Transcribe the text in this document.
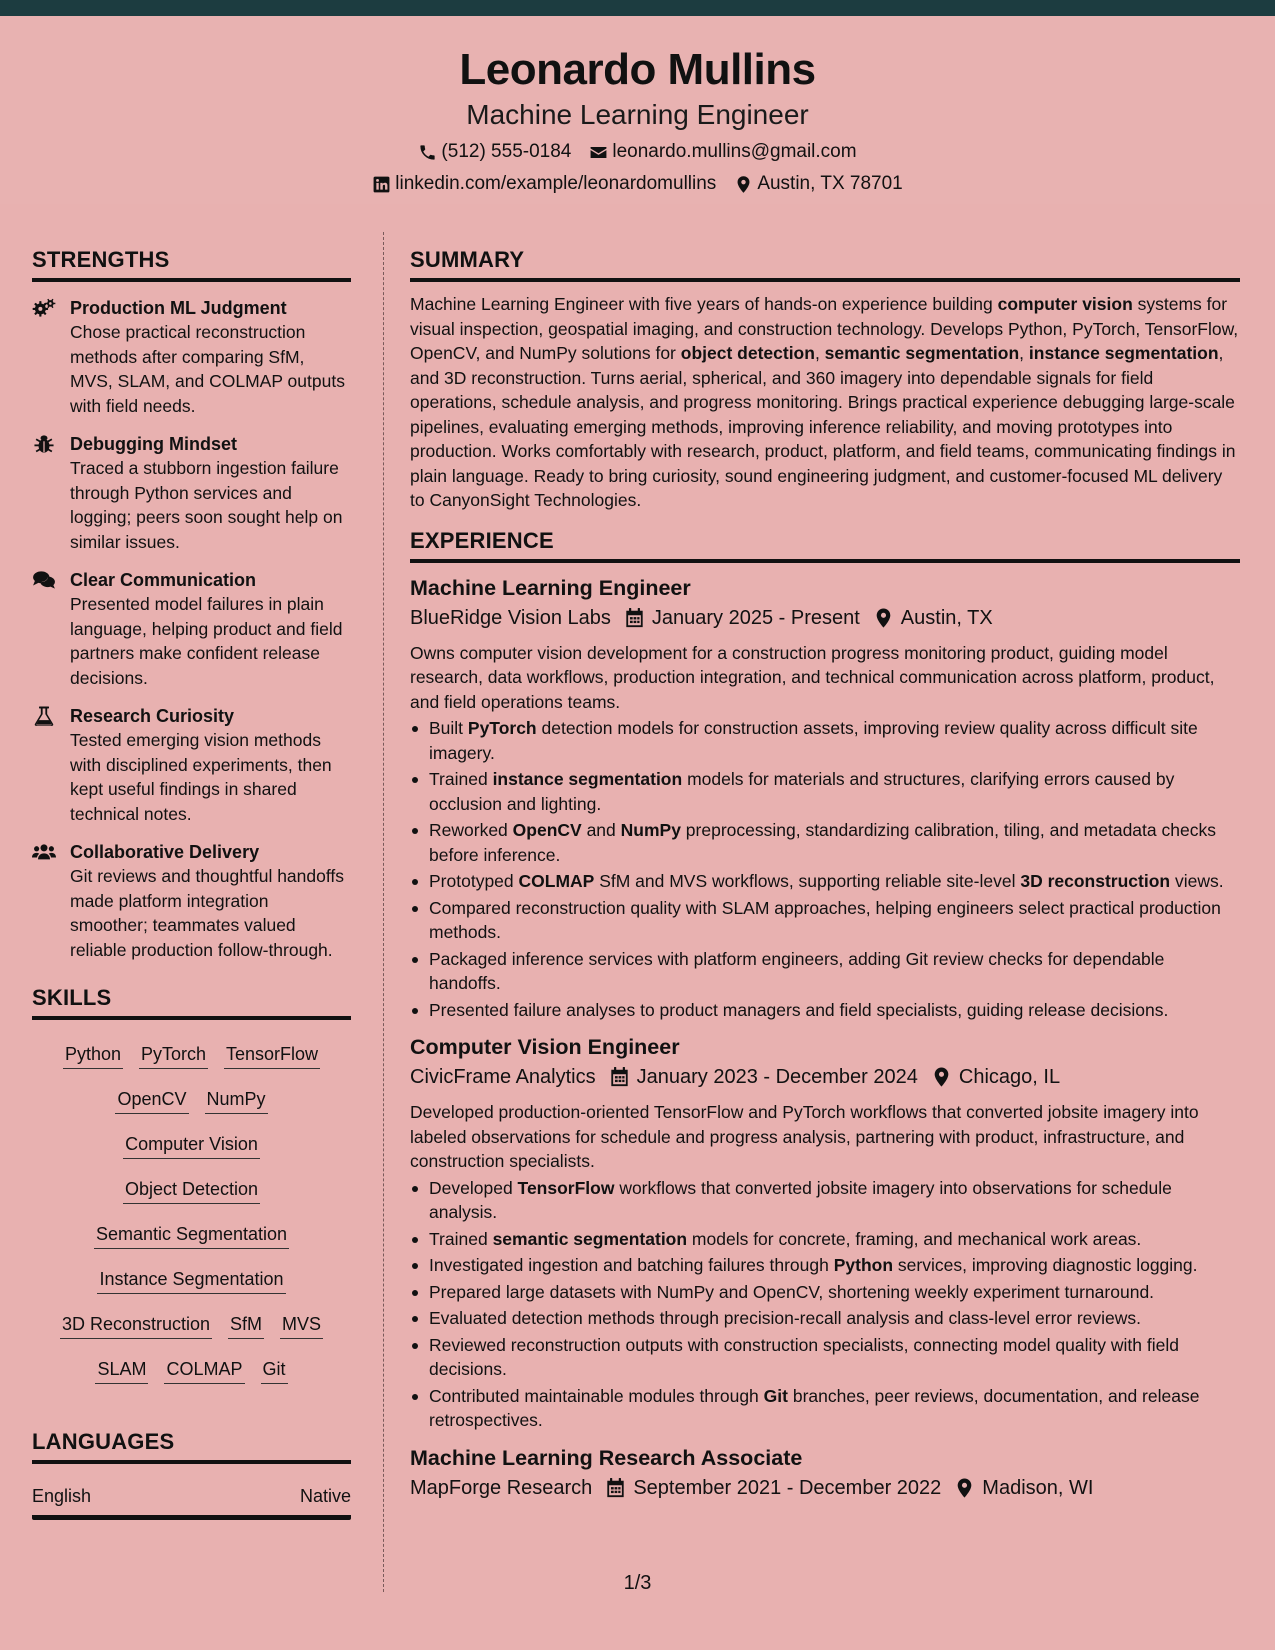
Leonardo Mullins
Machine Learning Engineer
(512) 555-0184 leonardo.mullins@gmail.com
linkedin.com/example/leonardomullins Austin, TX 78701
STRENGTHS
Production ML Judgment
Chose practical reconstruction methods after comparing SfM, MVS, SLAM, and COLMAP outputs with field needs.
Debugging Mindset
Traced a stubborn ingestion failure through Python services and logging; peers soon sought help on similar issues.
Clear Communication
Presented model failures in plain language, helping product and field partners make confident release decisions.
Research Curiosity
Tested emerging vision methods with disciplined experiments, then kept useful findings in shared technical notes.
Collaborative Delivery
Git reviews and thoughtful handoffs made platform integration smoother; teammates valued reliable production follow-through.
SKILLS
Python PyTorch TensorFlow
OpenCV NumPyComputer Vision
Object Detection
Semantic Segmentation
Instance Segmentation
3D Reconstruction SfM MVS
SLAM COLMAP Git
LANGUAGES
English	Native
SUMMARY
Machine Learning Engineer with five years of hands-on experience building computer vision systems for visual inspection, geospatial imaging, and construction technology. Develops Python, PyTorch, TensorFlow, OpenCV, and NumPy solutions for object detection, semantic segmentation, instance segmentation, and 3D reconstruction. Turns aerial, spherical, and 360 imagery into dependable signals for field operations, schedule analysis, and progress monitoring. Brings practical experience debugging large-scale pipelines, evaluating emerging methods, improving inference reliability, and moving prototypes into production. Works comfortably with research, product, platform, and field teams, communicating findings in plain language. Ready to bring curiosity, sound engineering judgment, and customer-focused ML delivery to CanyonSight Technologies.
EXPERIENCE
Machine Learning Engineer
BlueRidge Vision Labs January 2025 - Present Austin, TX
Owns computer vision development for a construction progress monitoring product, guiding model research, data workflows, production integration, and technical communication across platform, product, and field operations teams.
Built PyTorch detection models for construction assets, improving review quality across difficult site imagery.
Trained instance segmentation models for materials and structures, clarifying errors caused by occlusion and lighting.
Reworked OpenCV and NumPy preprocessing, standardizing calibration, tiling, and metadata checks before inference.
Prototyped COLMAP SfM and MVS workflows, supporting reliable site-level 3D reconstruction views.
Compared reconstruction quality with SLAM approaches, helping engineers select practical production methods.
Packaged inference services with platform engineers, adding Git review checks for dependable handoffs.
Presented failure analyses to product managers and field specialists, guiding release decisions.
Computer Vision Engineer
CivicFrame Analytics January 2023 - December 2024 Chicago, IL
Developed production-oriented TensorFlow and PyTorch workflows that converted jobsite imagery into labeled observations for schedule and progress analysis, partnering with product, infrastructure, and construction specialists.
Developed TensorFlow workflows that converted jobsite imagery into observations for schedule analysis.
Trained semantic segmentation models for concrete, framing, and mechanical work areas.
Investigated ingestion and batching failures through Python services, improving diagnostic logging.
Prepared large datasets with NumPy and OpenCV, shortening weekly experiment turnaround.
Evaluated detection methods through precision-recall analysis and class-level error reviews.
Reviewed reconstruction outputs with construction specialists, connecting model quality with field decisions.
Contributed maintainable modules through Git branches, peer reviews, documentation, and release retrospectives.
Machine Learning Research Associate
MapForge Research September 2021 - December 2022 Madison, WI
1/3
